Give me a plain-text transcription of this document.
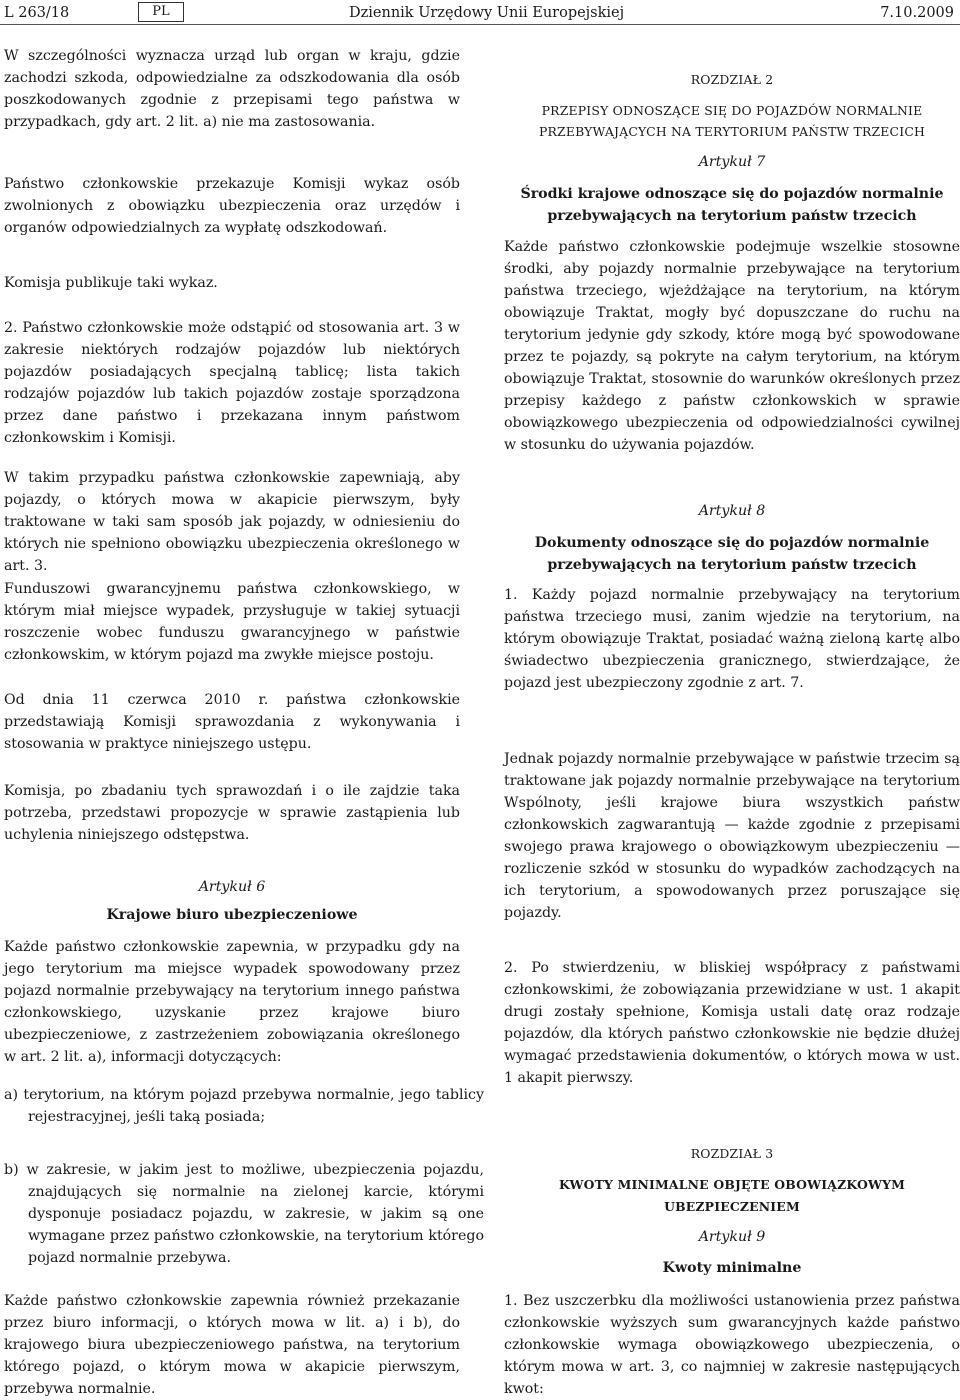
L 263/18	PL	Dziennik Urzędowy Unii Europejskiej	7.10.2009

W szczególności wyznacza urząd lub organ w kraju, gdzie zachodzi szkoda, odpowiedzialne za odszkodowania dla osób poszkodowanych zgodnie z przepisami tego państwa w przypadkach, gdy art. 2 lit. a) nie ma zastosowania.

Państwo członkowskie przekazuje Komisji wykaz osób zwolnionych z obowiązku ubezpieczenia oraz urzędów i organów odpowiedzialnych za wypłatę odszkodowań.

Komisja publikuje taki wykaz.

2. Państwo członkowskie może odstąpić od stosowania art. 3 w zakresie niektórych rodzajów pojazdów lub niektórych pojazdów posiadających specjalną tablicę; lista takich rodzajów pojazdów lub takich pojazdów zostaje sporządzona przez dane państwo i przekazana innym państwom członkowskim i Komisji.

W takim przypadku państwa członkowskie zapewniają, aby pojazdy, o których mowa w akapicie pierwszym, były traktowane w taki sam sposób jak pojazdy, w odniesieniu do których nie spełniono obowiązku ubezpieczenia określonego w art. 3.

Funduszowi gwarancyjnemu państwa członkowskiego, w którym miał miejsce wypadek, przysługuje w takiej sytuacji roszczenie wobec funduszu gwarancyjnego w państwie członkowskim, w którym pojazd ma zwykłe miejsce postoju.

Od dnia 11 czerwca 2010 r. państwa członkowskie przedstawiają Komisji sprawozdania z wykonywania i stosowania w praktyce niniejszego ustępu.

Komisja, po zbadaniu tych sprawozdań i o ile zajdzie taka potrzeba, przedstawi propozycje w sprawie zastąpienia lub uchylenia niniejszego odstępstwa.

Artykuł 6

Krajowe biuro ubezpieczeniowe

Każde państwo członkowskie zapewnia, w przypadku gdy na jego terytorium ma miejsce wypadek spowodowany przez pojazd normalnie przebywający na terytorium innego państwa członkowskiego, uzyskanie przez krajowe biuro ubezpieczeniowe, z zastrzeżeniem zobowiązania określonego w art. 2 lit. a), informacji dotyczących:

a) terytorium, na którym pojazd przebywa normalnie, jego tablicy rejestracyjnej, jeśli taką posiada;

b) w zakresie, w jakim jest to możliwe, ubezpieczenia pojazdu, znajdujących się normalnie na zielonej karcie, którymi dysponuje posiadacz pojazdu, w zakresie, w jakim są one wymagane przez państwo członkowskie, na terytorium którego pojazd normalnie przebywa.

Każde państwo członkowskie zapewnia również przekazanie przez biuro informacji, o których mowa w lit. a) i b), do krajowego biura ubezpieczeniowego państwa, na terytorium którego pojazd, o którym mowa w akapicie pierwszym, przebywa normalnie.

ROZDZIAŁ 2

PRZEPISY ODNOSZĄCE SIĘ DO POJAZDÓW NORMALNIE PRZEBYWAJĄCYCH NA TERYTORIUM PAŃSTW TRZECICH

Artykuł 7

Środki krajowe odnoszące się do pojazdów normalnie przebywających na terytorium państw trzecich

Każde państwo członkowskie podejmuje wszelkie stosowne środki, aby pojazdy normalnie przebywające na terytorium państwa trzeciego, wjeżdżające na terytorium, na którym obowiązuje Traktat, mogły być dopuszczane do ruchu na terytorium jedynie gdy szkody, które mogą być spowodowane przez te pojazdy, są pokryte na całym terytorium, na którym obowiązuje Traktat, stosownie do warunków określonych przez przepisy każdego z państw członkowskich w sprawie obowiązkowego ubezpieczenia od odpowiedzialności cywilnej w stosunku do używania pojazdów.

Artykuł 8

Dokumenty odnoszące się do pojazdów normalnie przebywających na terytorium państw trzecich

1. Każdy pojazd normalnie przebywający na terytorium państwa trzeciego musi, zanim wjedzie na terytorium, na którym obowiązuje Traktat, posiadać ważną zieloną kartę albo świadectwo ubezpieczenia granicznego, stwierdzające, że pojazd jest ubezpieczony zgodnie z art. 7.

Jednak pojazdy normalnie przebywające w państwie trzecim są traktowane jak pojazdy normalnie przebywające na terytorium Wspólnoty, jeśli krajowe biura wszystkich państw członkowskich zagwarantują — każde zgodnie z przepisami swojego prawa krajowego o obowiązkowym ubezpieczeniu — rozliczenie szkód w stosunku do wypadków zachodzących na ich terytorium, a spowodowanych przez poruszające się pojazdy.

2. Po stwierdzeniu, w bliskiej współpracy z państwami członkowskimi, że zobowiązania przewidziane w ust. 1 akapit drugi zostały spełnione, Komisja ustali datę oraz rodzaje pojazdów, dla których państwo członkowskie nie będzie dłużej wymagać przedstawienia dokumentów, o których mowa w ust. 1 akapit pierwszy.

ROZDZIAŁ 3

KWOTY MINIMALNE OBJĘTE OBOWIĄZKOWYM UBEZPIECZENIEM

Artykuł 9

Kwoty minimalne

1. Bez uszczerbku dla możliwości ustanowienia przez państwa członkowskie wyższych sum gwarancyjnych każde państwo członkowskie wymaga obowiązkowego ubezpieczenia, o którym mowa w art. 3, co najmniej w zakresie następujących kwot:
